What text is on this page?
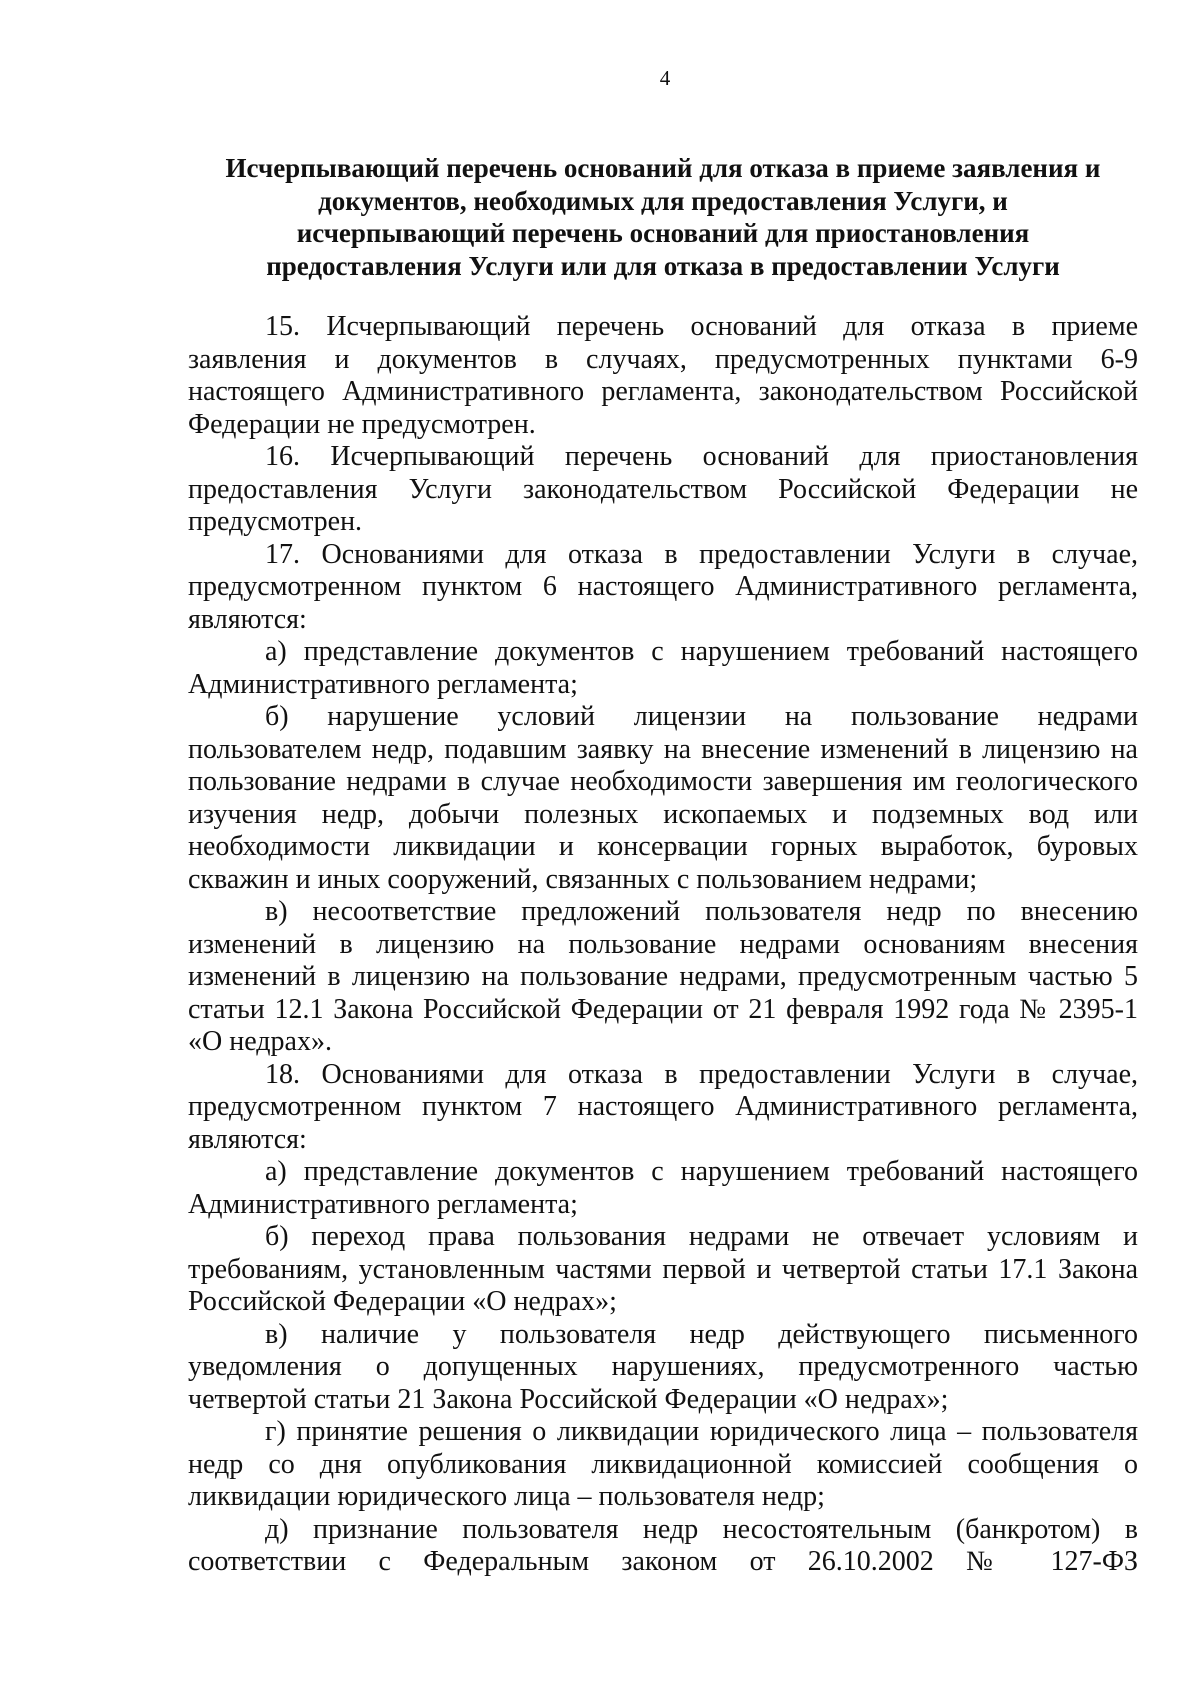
4
Исчерпывающий перечень оснований для отказа в приеме заявления и
документов, необходимых для предоставления Услуги, и
исчерпывающий перечень оснований для приостановления
предоставления Услуги или для отказа в предоставлении Услуги
15. Исчерпывающий перечень оснований для отказа в приеме
заявления и документов в случаях, предусмотренных пунктами 6-9
настоящего Административного регламента, законодательством Российской
Федерации не предусмотрен.
16. Исчерпывающий перечень оснований для приостановления
предоставления Услуги законодательством Российской Федерации не
предусмотрен.
17. Основаниями для отказа в предоставлении Услуги в случае,
предусмотренном пунктом 6 настоящего Административного регламента,
являются:
а) представление документов с нарушением требований настоящего
Административного регламента;
б) нарушение условий лицензии на пользование недрами
пользователем недр, подавшим заявку на внесение изменений в лицензию на
пользование недрами в случае необходимости завершения им геологического
изучения недр, добычи полезных ископаемых и подземных вод или
необходимости ликвидации и консервации горных выработок, буровых
скважин и иных сооружений, связанных с пользованием недрами;
в) несоответствие предложений пользователя недр по внесению
изменений в лицензию на пользование недрами основаниям внесения
изменений в лицензию на пользование недрами, предусмотренным частью 5
статьи 12.1 Закона Российской Федерации от 21 февраля 1992 года № 2395-1
«О недрах».
18. Основаниями для отказа в предоставлении Услуги в случае,
предусмотренном пунктом 7 настоящего Административного регламента,
являются:
а) представление документов с нарушением требований настоящего
Административного регламента;
б) переход права пользования недрами не отвечает условиям и
требованиям, установленным частями первой и четвертой статьи 17.1 Закона
Российской Федерации «О недрах»;
в) наличие у пользователя недр действующего письменного
уведомления о допущенных нарушениях, предусмотренного частью
четвертой статьи 21 Закона Российской Федерации «О недрах»;
г) принятие решения о ликвидации юридического лица – пользователя
недр со дня опубликования ликвидационной комиссией сообщения о
ликвидации юридического лица – пользователя недр;
д) признание пользователя недр несостоятельным (банкротом) в
соответствии с Федеральным законом от 26.10.2002 № 127-ФЗ
